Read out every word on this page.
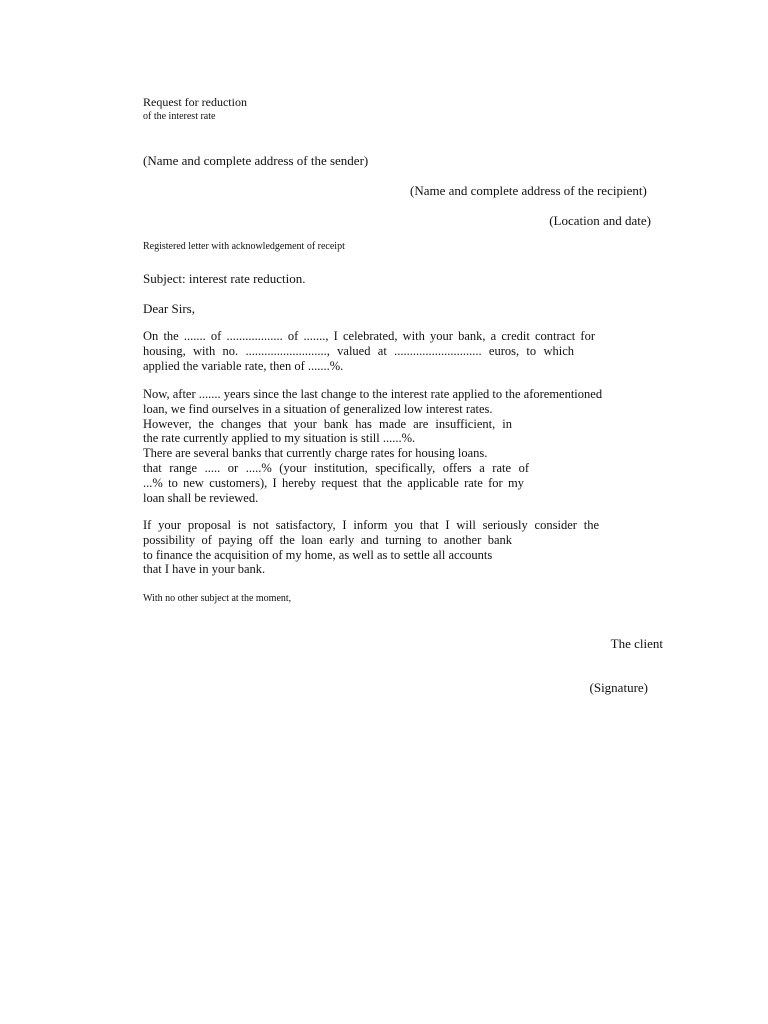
Request for reduction
of the interest rate
(Name and complete address of the sender)
(Name and complete address of the recipient)
(Location and date)
Registered letter with acknowledgement of receipt
Subject: interest rate reduction.
Dear Sirs,
On the ....... of .................. of ......., I celebrated, with your bank, a credit contract for
housing, with no. .........................., valued at ............................ euros, to which
applied the variable rate, then of .......%.
Now, after ....... years since the last change to the interest rate applied to the aforementioned
loan, we find ourselves in a situation of generalized low interest rates.
However, the changes that your bank has made are insufficient, in
the rate currently applied to my situation is still ......%.
There are several banks that currently charge rates for housing loans.
that range ..... or .....% (your institution, specifically, offers a rate of
...% to new customers), I hereby request that the applicable rate for my
loan shall be reviewed.
If your proposal is not satisfactory, I inform you that I will seriously consider the
possibility of paying off the loan early and turning to another bank
to finance the acquisition of my home, as well as to settle all accounts
that I have in your bank.
With no other subject at the moment,
The client
(Signature)
